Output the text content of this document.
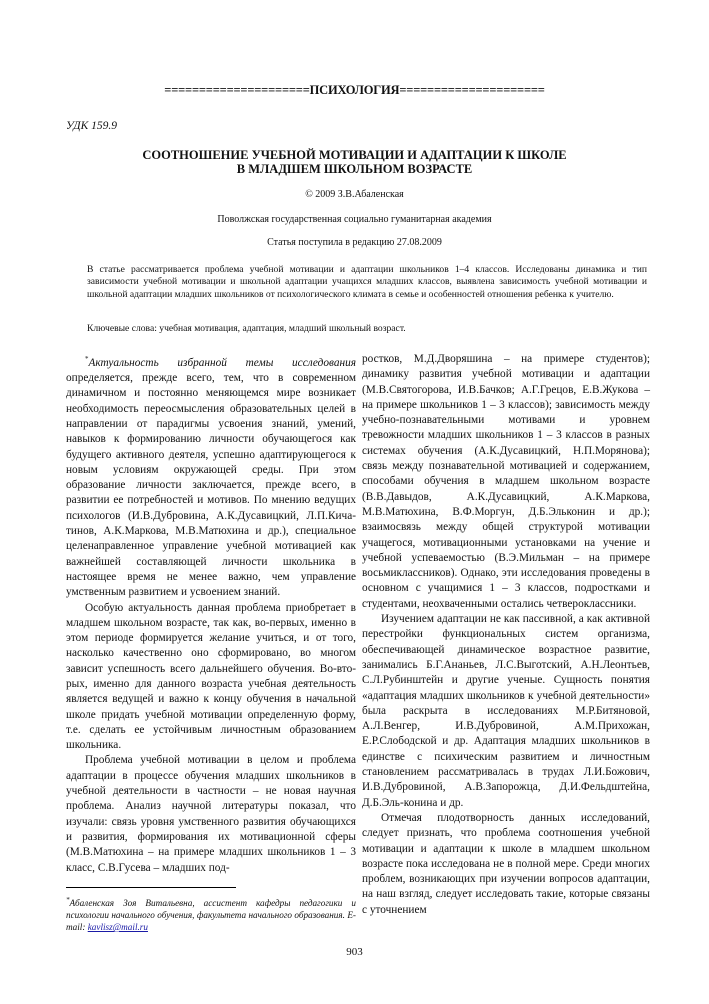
=====================ПСИХОЛОГИЯ=====================
УДК 159.9
СООТНОШЕНИЕ УЧЕБНОЙ МОТИВАЦИИ И АДАПТАЦИИ К ШКОЛЕ
В МЛАДШЕМ ШКОЛЬНОМ ВОЗРАСТЕ
© 2009 З.В.Абаленская
Поволжская государственная социально гуманитарная академия
Статья поступила в редакцию 27.08.2009
В статье рассматривается проблема учебной мотивации и адаптации школьников 1–4 классов. Исследованы динамика и тип зависимости учебной мотивации и школьной адаптации учащихся младших классов, выявлена зависимость учебной мотивации и школьной адаптации младших школьников от психологического климата в семье и особенностей отношения ребенка к учителю.
Ключевые слова: учебная мотивация, адаптация, младший школьный возраст.

*Актуальность избранной темы исследования определяется, прежде всего, тем, что в современном динамичном и постоянно меняющемся мире возникает необходимость переосмысления образовательных целей в направлении от парадигмы усвоения знаний, умений, навыков к формированию личности обучающегося как будущего активного деятеля, успешно адаптирующегося к новым условиям окружающей среды. При этом образование личности заключается, прежде всего, в развитии ее потребностей и мотивов. По мнению ведущих психологов (И.В.Дубровина, А.К.Дусавицкий, Л.П.Кича-тинов, А.К.Маркова, М.В.Матюхина и др.), специальное целенаправленное управление учебной мотивацией как важнейшей составляющей личности школьника в настоящее время не менее важно, чем управление умственным развитием и усвоением знаний.

Особую актуальность данная проблема приобретает в младшем школьном возрасте, так как, во-первых, именно в этом периоде формируется желание учиться, и от того, насколько качественно оно сформировано, во многом зависит успешность всего дальнейшего обучения. Во-вто-рых, именно для данного возраста учебная деятельность является ведущей и важно к концу обучения в начальной школе придать учебной мотивации определенную форму, т.е. сделать ее устойчивым личностным образованием школьника.

Проблема учебной мотивации в целом и проблема адаптации в процессе обучения младших школьников в учебной деятельности в частности – не новая научная проблема. Анализ научной литературы показал, что изучали: связь уровня умственного развития обучающихся и развития, формирования их мотивационной сферы (М.В.Матюхина – на примере младших школьников 1 – 3 класс, С.В.Гусева – младших под-

ростков, М.Д.Дворяшина – на примере студентов); динамику развития учебной мотивации и адаптации (М.В.Святогорова, И.В.Бачков; А.Г.Грецов, Е.В.Жукова – на примере школьников 1 – 3 классов); зависимость между учебно-познавательными мотивами и уровнем тревожности младших школьников 1 – 3 классов в разных системах обучения (А.К.Дусавицкий, Н.П.Морянова); связь между познавательной мотивацией и содержанием, способами обучения в младшем школьном возрасте (В.В.Давыдов, А.К.Дусавицкий, А.К.Маркова, М.В.Матюхина, В.Ф.Моргун, Д.Б.Эльконин и др.); взаимосвязь между общей структурой мотивации учащегося, мотивационными установками на учение и учебной успеваемостью (В.Э.Мильман – на примере восьмиклассников). Однако, эти исследования проведены в основном с учащимися 1 – 3 классов, подростками и студентами, неохваченными остались четвероклассники.

Изучением адаптации не как пассивной, а как активной перестройки функциональных систем организма, обеспечивающей динамическое возрастное развитие, занимались Б.Г.Ананьев, Л.С.Выготский, А.Н.Леонтьев, С.Л.Рубинштейн и другие ученые. Сущность понятия «адаптация младших школьников к учебной деятельности» была раскрыта в исследованиях М.Р.Битяновой, А.Л.Венгер, И.В.Дубровиной, А.М.Прихожан, Е.Р.Слободской и др. Адаптация младших школьников в единстве с психическим развитием и личностным становлением рассматривалась в трудах Л.И.Божович, И.В.Дубровиной, А.В.Запорожца, Д.И.Фельдштейна, Д.Б.Эль-конина и др.

Отмечая плодотворность данных исследований, следует признать, что проблема соотношения учебной мотивации и адаптации к школе в младшем школьном возрасте пока исследована не в полной мере. Среди многих проблем, возникающих при изучении вопросов адаптации, на наш взгляд, следует исследовать такие, которые связаны с уточнением

*Абаленская Зоя Витальевна, ассистент кафедры педагогики и психологии начального обучения, факультета начального образования. E-mail: kavlisz@mail.ru
903
